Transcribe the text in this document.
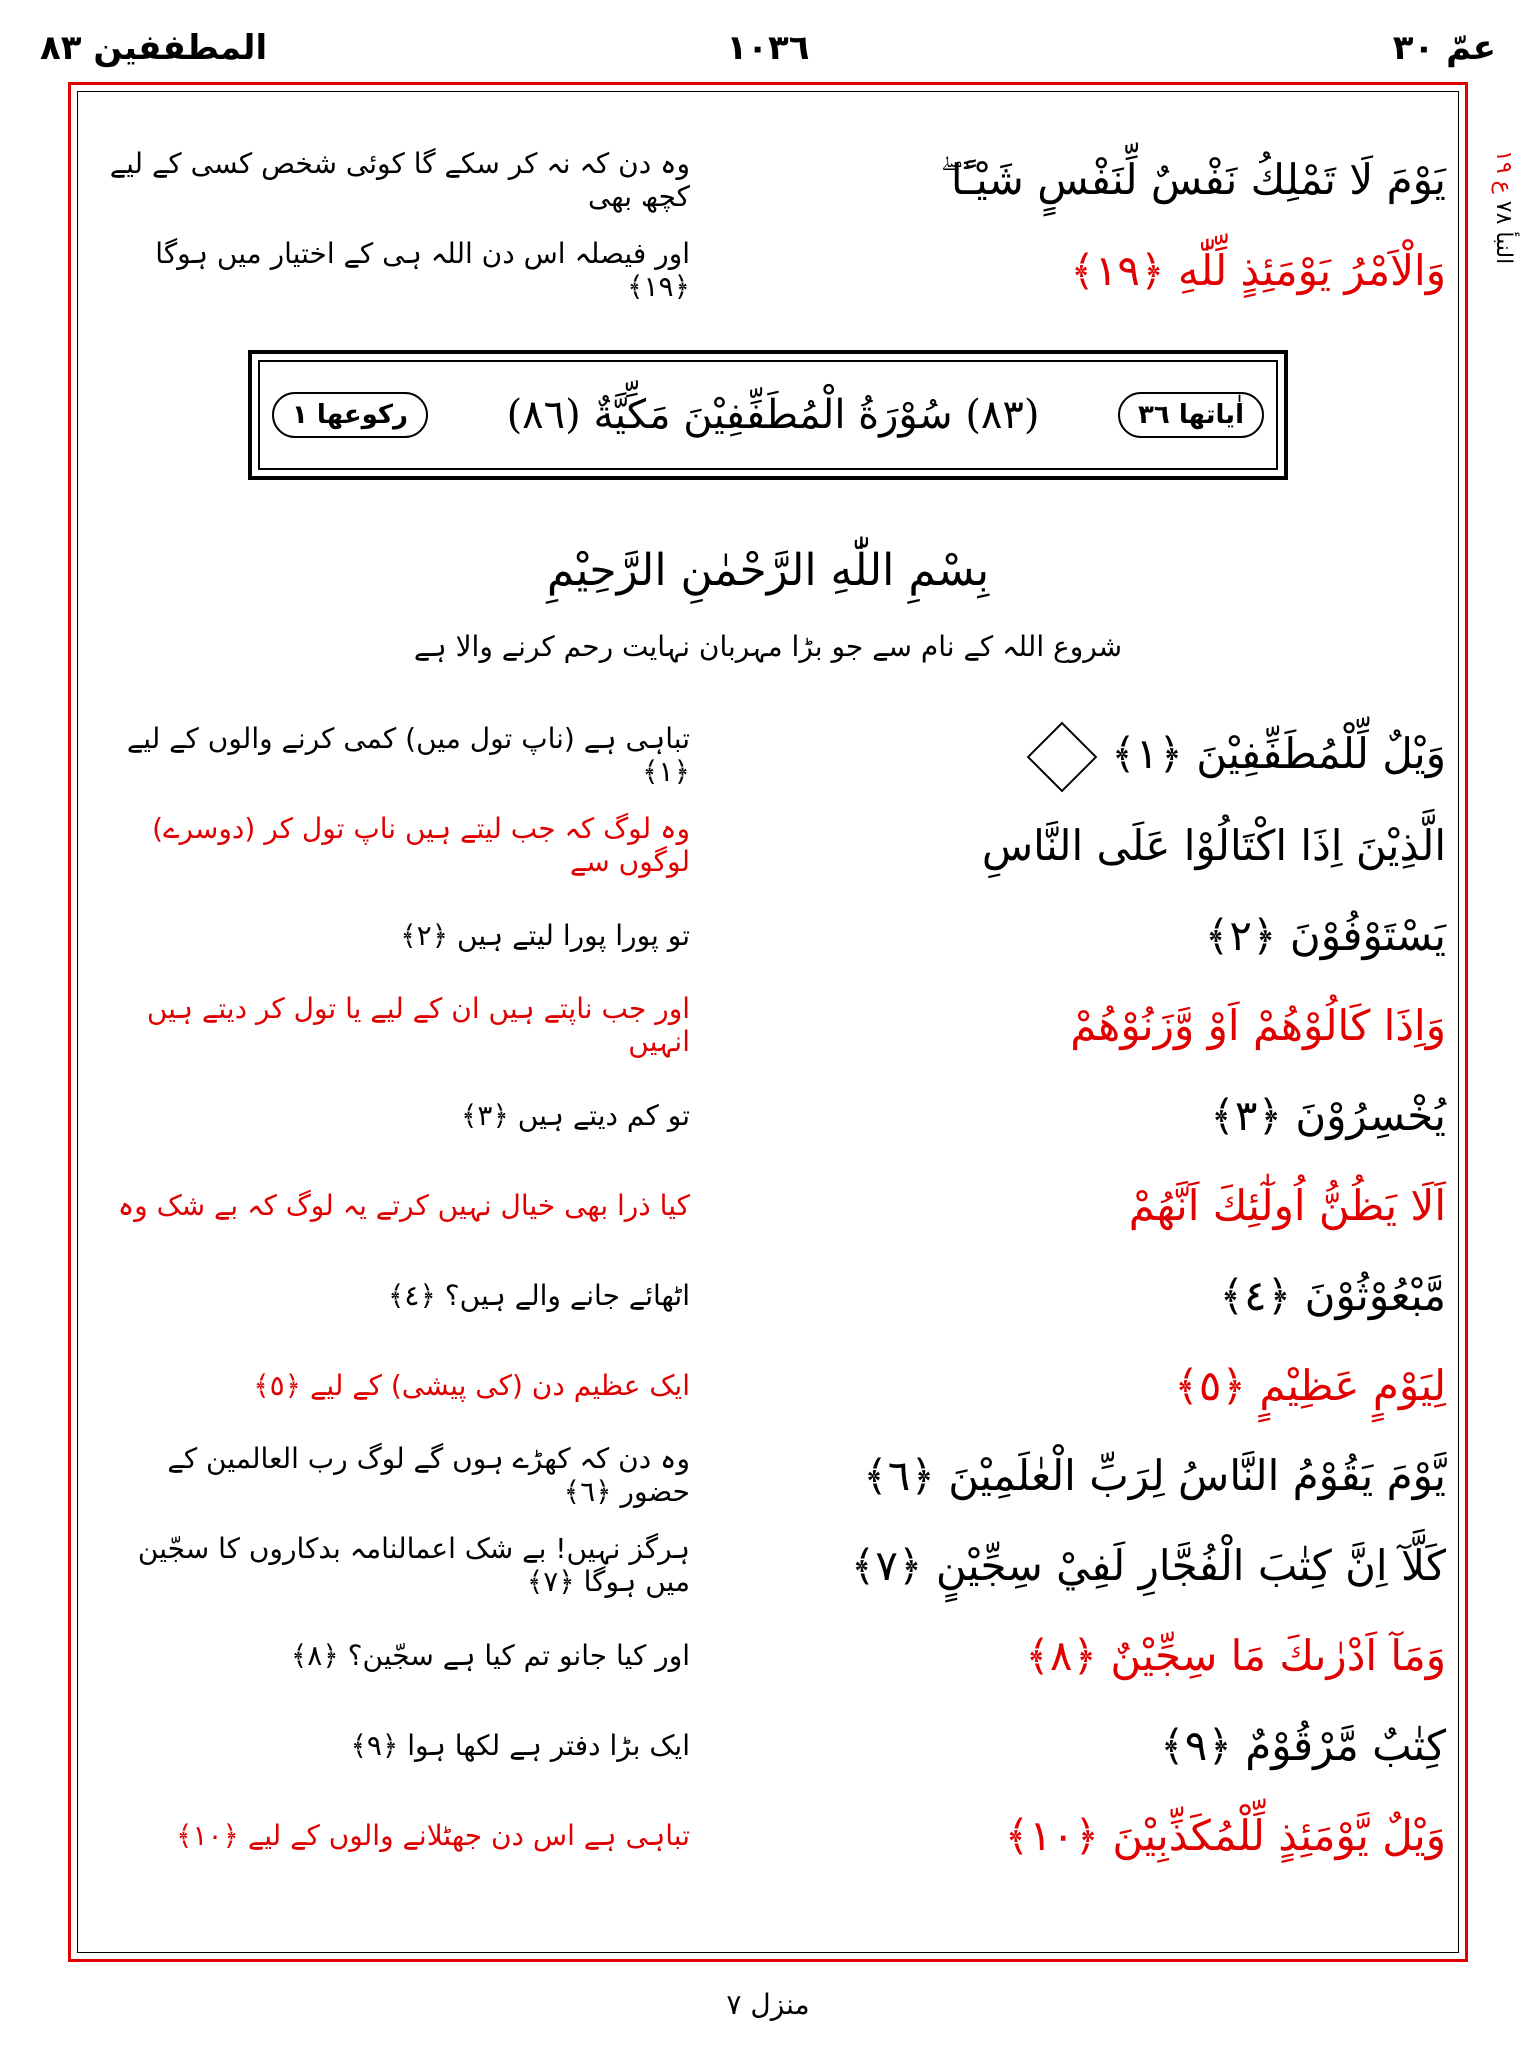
المطففين ٨٣	١٠٣٦	عمّ ٣٠
النبأ ٧٨ ع ١٩
وہ دن کہ نہ کر سکے گا کوئی شخص کسی کے لیے کچھ بھی	يَوْمَ لَا تَمْلِكُ نَفْسٌ لِّنَفْسٍ شَيْـًٔا ۖ
اور فیصلہ اس دن اللہ ہی کے اختیار میں ہوگا ﴿١٩﴾	وَالْاَمْرُ يَوْمَئِذٍ لِّلّٰهِ ﴿١٩﴾
رکوعها ١	(٨٣) سُوْرَةُ الْمُطَفِّفِيْنَ مَكِّيَّةٌ (٨٦)	اٰیاتها ٣٦
بِسْمِ اللّٰهِ الرَّحْمٰنِ الرَّحِيْمِ
شروع اللہ کے نام سے جو بڑا مہربان نہایت رحم کرنے والا ہے
تباہی ہے (ناپ تول میں) کمی کرنے والوں کے لیے ﴿١﴾	وَيْلٌ لِّلْمُطَفِّفِيْنَ ﴿١﴾
وہ لوگ کہ جب لیتے ہیں ناپ تول کر (دوسرے) لوگوں سے	الَّذِيْنَ اِذَا اكْتَالُوْا عَلَى النَّاسِ
تو پورا پورا لیتے ہیں ﴿٢﴾	يَسْتَوْفُوْنَ ﴿٢﴾
اور جب ناپتے ہیں ان کے لیے یا تول کر دیتے ہیں انہیں	وَاِذَا كَالُوْهُمْ اَوْ وَّزَنُوْهُمْ
تو کم دیتے ہیں ﴿٣﴾	يُخْسِرُوْنَ ﴿٣﴾
کیا ذرا بھی خیال نہیں کرتے یہ لوگ کہ بے شک وہ	اَلَا يَظُنُّ اُولٰٓئِكَ اَنَّهُمْ
اٹھائے جانے والے ہیں؟ ﴿٤﴾	مَّبْعُوْثُوْنَ ﴿٤﴾
ایک عظیم دن (کی پیشی) کے لیے ﴿٥﴾	لِيَوْمٍ عَظِيْمٍ ﴿٥﴾
وہ دن کہ کھڑے ہوں گے لوگ رب العالمین کے حضور ﴿٦﴾	يَّوْمَ يَقُوْمُ النَّاسُ لِرَبِّ الْعٰلَمِيْنَ ﴿٦﴾
ہرگز نہیں! بے شک اعمالنامہ بدکاروں کا سجّین میں ہوگا ﴿٧﴾	كَلَّآ اِنَّ كِتٰبَ الْفُجَّارِ لَفِيْ سِجِّيْنٍ ﴿٧﴾
اور کیا جانو تم کیا ہے سجّین؟ ﴿٨﴾	وَمَآ اَدْرٰىكَ مَا سِجِّيْنٌ ﴿٨﴾
ایک بڑا دفتر ہے لکھا ہوا ﴿٩﴾	كِتٰبٌ مَّرْقُوْمٌ ﴿٩﴾
تباہی ہے اس دن جھٹلانے والوں کے لیے ﴿١٠﴾	وَيْلٌ يَّوْمَئِذٍ لِّلْمُكَذِّبِيْنَ ﴿١٠﴾
منزل ٧
